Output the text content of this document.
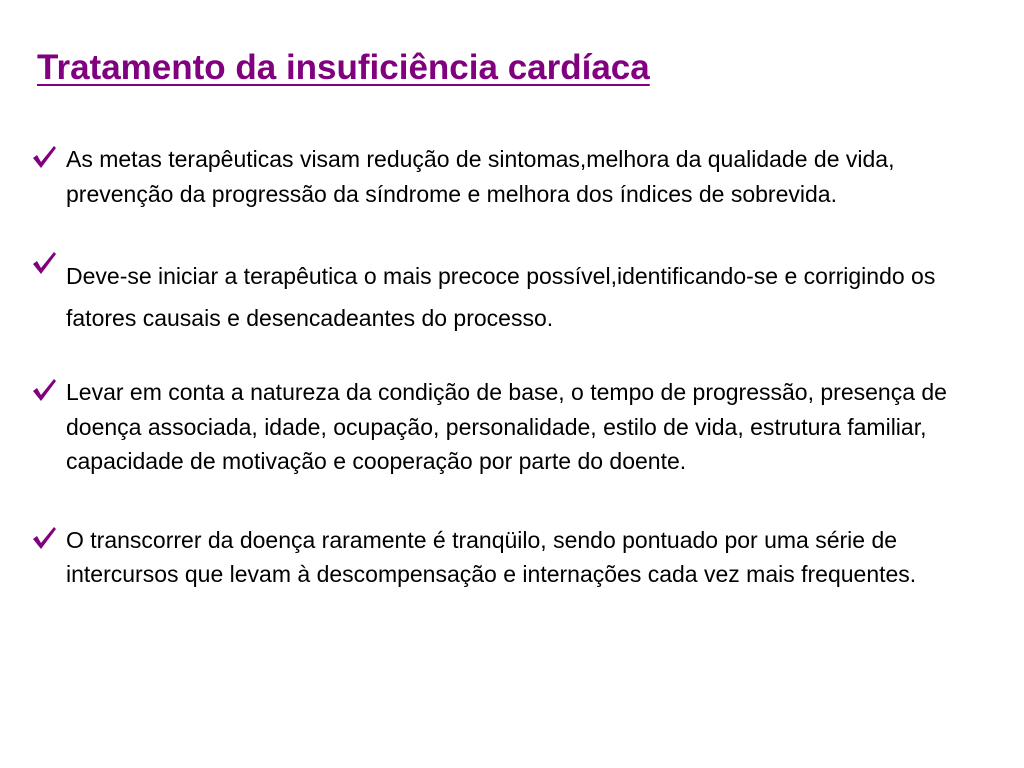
Tratamento da insuficiência cardíaca
As metas terapêuticas visam redução de sintomas,melhora da qualidade de vida, prevenção da progressão da síndrome e melhora dos índices de sobrevida.
Deve-se iniciar a terapêutica o mais precoce possível,identificando-se e corrigindo os fatores causais e desencadeantes do processo.
Levar em conta a natureza da condição de base, o tempo de progressão, presença de doença associada, idade, ocupação, personalidade, estilo de vida, estrutura familiar, capacidade de motivação e cooperação por parte do doente.
O transcorrer da doença raramente é tranqüilo, sendo pontuado por uma série de intercursos que levam à descompensação e internações cada vez mais frequentes.
